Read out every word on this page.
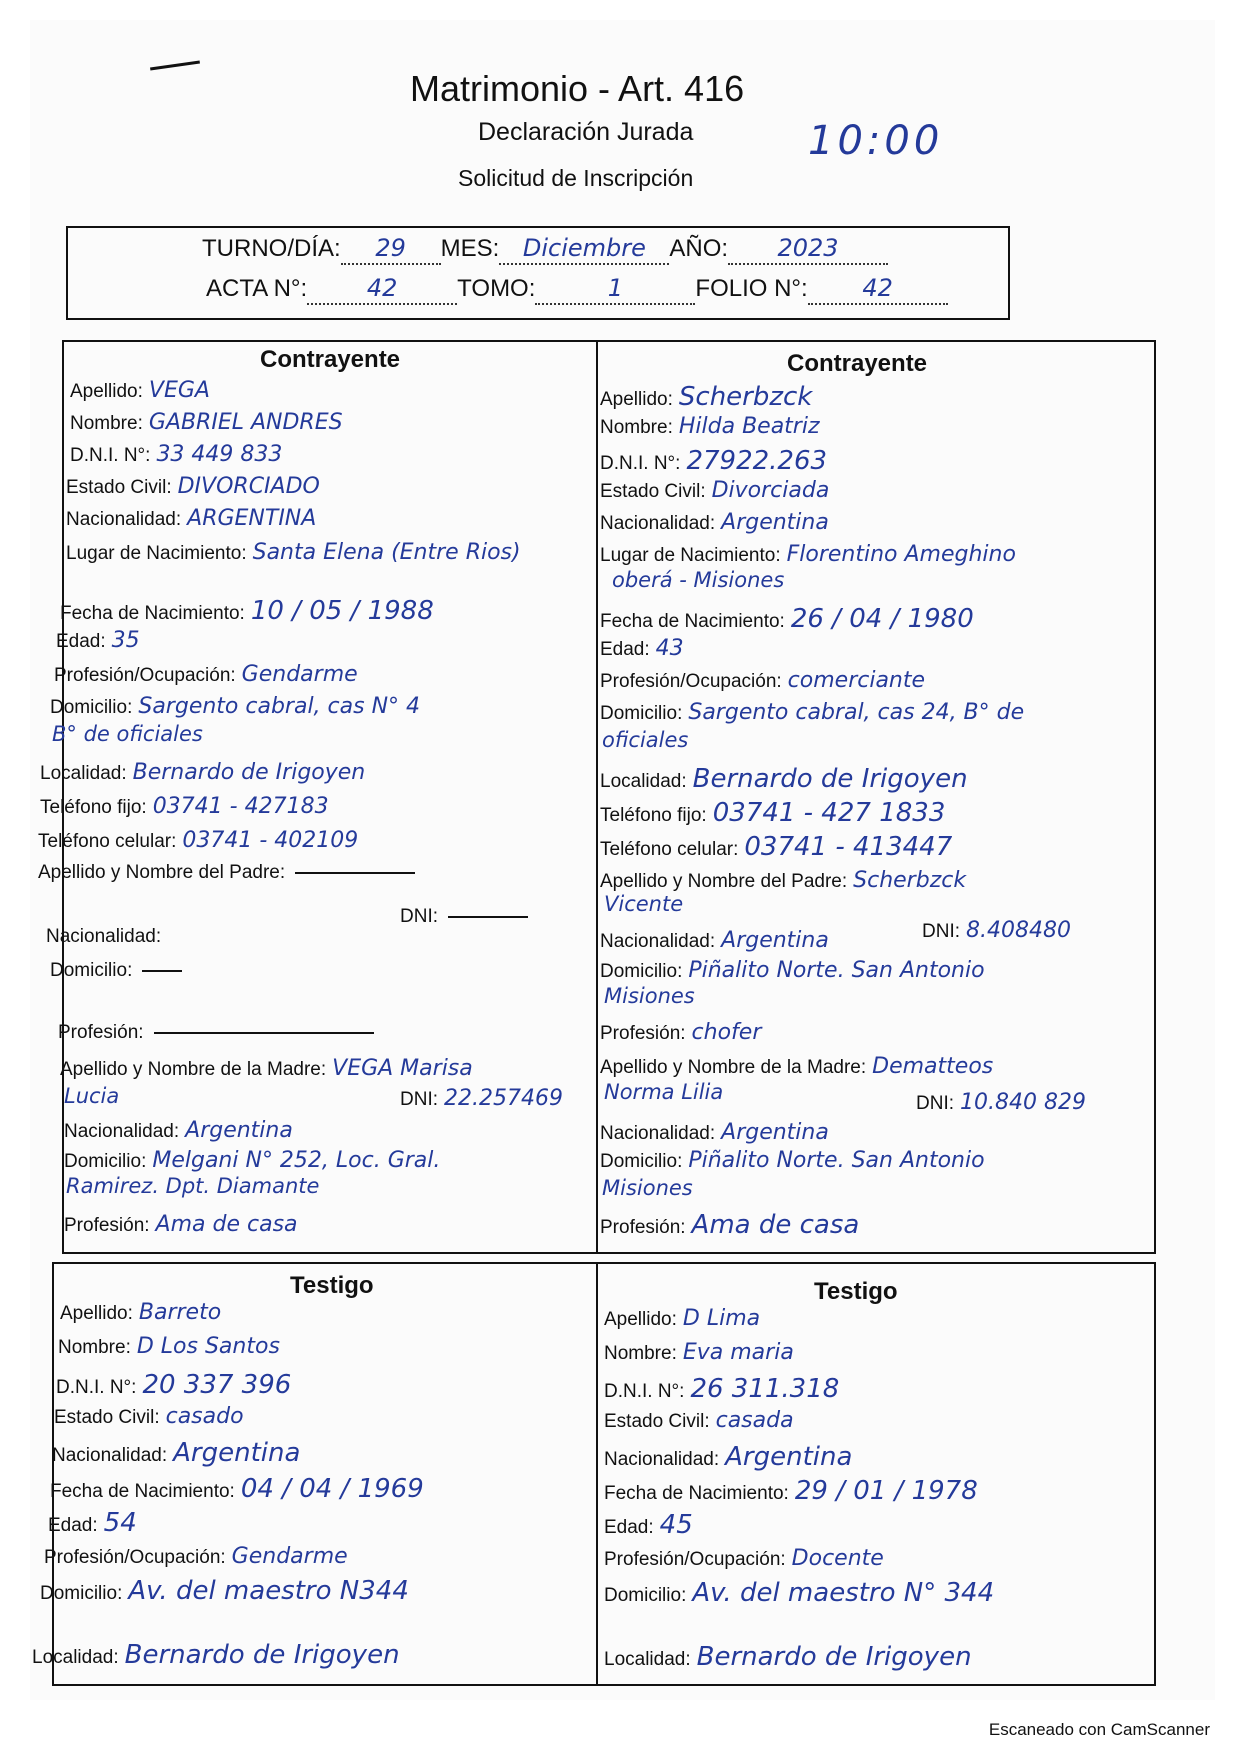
Matrimonio - Art. 416
Declaración Jurada
Solicitud de Inscripción
10:00
TURNO/DÍA: 29 MES: Diciembre AÑO: 2023
ACTA N°: 42 TOMO:	1	FOLIO N°: 42
Contrayente	Contrayente
Apellido: VEGA
Nombre: GABRIEL ANDRES
D.N.I. N°: 33 449 833
Estado Civil: DIVORCIADO
Nacionalidad: ARGENTINA
Lugar de Nacimiento: Santa Elena (Entre Rios)
Fecha de Nacimiento: 10 / 05 / 1988
Edad: 35
Profesión/Ocupación: Gendarme
Domicilio: Sargento cabral, cas N° 4
B° de oficiales
Localidad: Bernardo de Irigoyen
Teléfono fijo: 03741 - 427183
Teléfono celular: 03741 - 402109
Apellido y Nombre del Padre:
DNI:
Nacionalidad:
Domicilio:
Profesión:
Apellido y Nombre de la Madre: VEGA Marisa
Lucia	DNI: 22.257469
Nacionalidad: Argentina
Domicilio: Melgani N° 252, Loc. Gral.
Ramirez. Dpt. Diamante
Profesión: Ama de casa
Apellido: Scherbzck
Nombre: Hilda Beatriz
D.N.I. N°: 27922.263
Estado Civil: Divorciada
Nacionalidad: Argentina
Lugar de Nacimiento: Florentino Ameghino
oberá - Misiones
Fecha de Nacimiento: 26 / 04 / 1980
Edad: 43
Profesión/Ocupación: comerciante
Domicilio: Sargento cabral, cas 24, B° de
oficiales
Localidad: Bernardo de Irigoyen
Teléfono fijo: 03741 - 427 1833
Teléfono celular: 03741 - 413447
Apellido y Nombre del Padre: Scherbzck
Vicente
Nacionalidad: Argentina	DNI: 8.408480
Domicilio: Piñalito Norte. San Antonio
Misiones
Profesión: chofer
Apellido y Nombre de la Madre: Dematteos
Norma Lilia	DNI: 10.840 829
Nacionalidad: Argentina
Domicilio: Piñalito Norte. San Antonio
Misiones
Profesión: Ama de casa
Testigo	Testigo
Apellido: Barreto
Nombre: D Los Santos
D.N.I. N°: 20 337 396
Estado Civil: casado
Nacionalidad: Argentina
Fecha de Nacimiento: 04 / 04 / 1969
Edad: 54
Profesión/Ocupación: Gendarme
Domicilio: Av. del maestro N344
Localidad: Bernardo de Irigoyen
Apellido: D Lima
Nombre: Eva maria
D.N.I. N°: 26 311.318
Estado Civil: casada
Nacionalidad: Argentina
Fecha de Nacimiento: 29 / 01 / 1978
Edad: 45
Profesión/Ocupación: Docente
Domicilio: Av. del maestro N° 344
Localidad: Bernardo de Irigoyen
Escaneado con CamScanner
